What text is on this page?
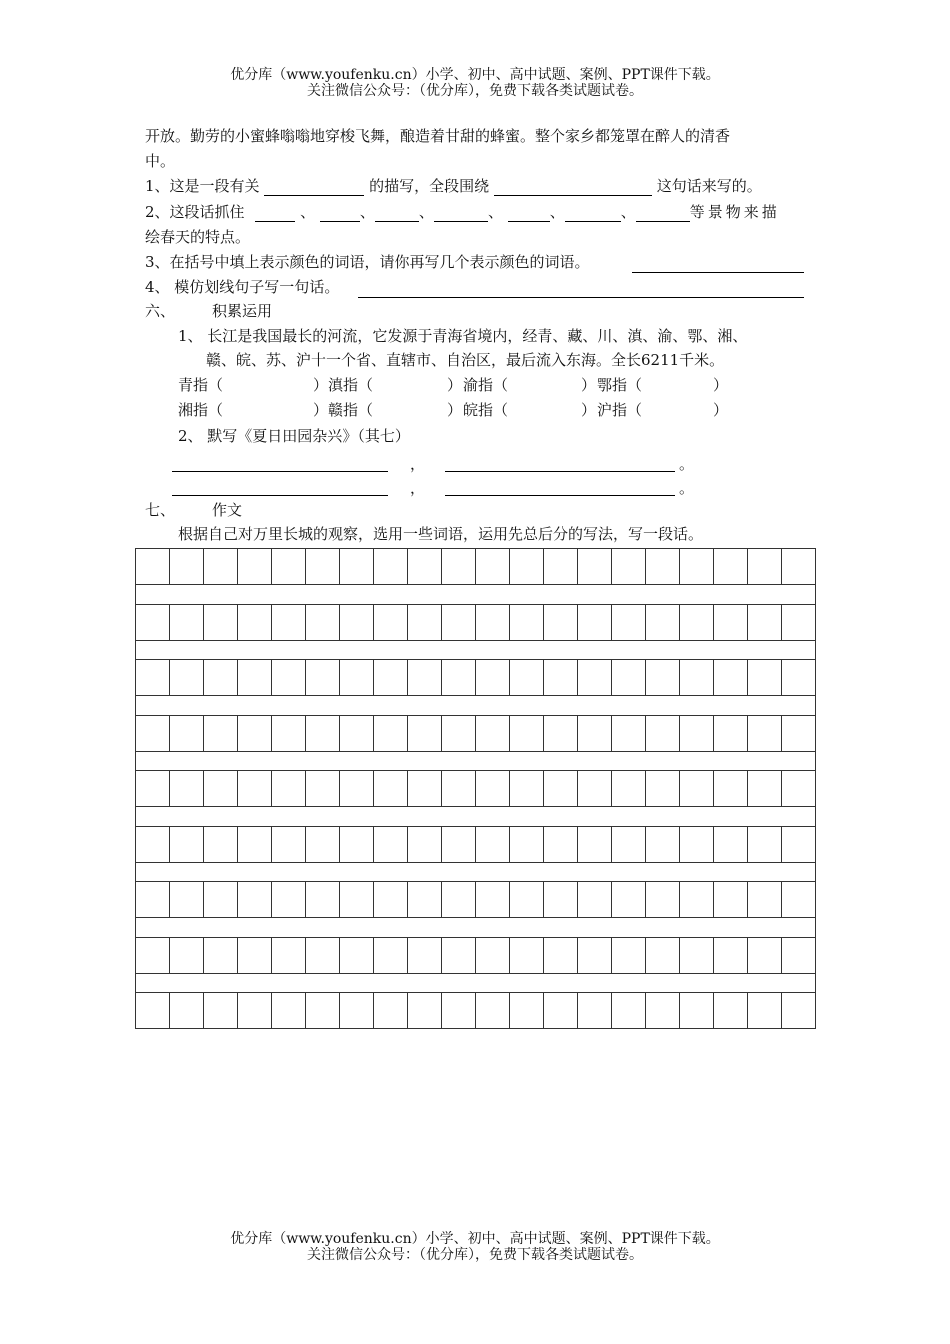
优分库（www.youfenku.cn）小学、初中、高中试题、案例、PPT课件下载。
关注微信公众号：（优分库），免费下载各类试题试卷。
开放。勤劳的小蜜蜂嗡嗡地穿梭飞舞，酿造着甘甜的蜂蜜。整个家乡都笼罩在醉人的清香
中。
1、这是一段有关	的描写，全段围绕	这句话来写的。
2、这段话抓住	、	、	、	、	、	、	等景物来描
绘春天的特点。
3、在括号中填上表示颜色的词语，请你再写几个表示颜色的词语。
4、 模仿划线句子写一句话。
六、 积累运用
1、 长江是我国最长的河流，它发源于青海省境内，经青、藏、川、滇、渝、鄂、湘、
赣、皖、苏、沪十一个省、直辖市、自治区，最后流入东海。全长6211千米。
青指（	） 滇指（	） 渝指（	） 鄂指（	）
湘指（	） 赣指（	） 皖指（	） 沪指（	）
2、 默写《夏日田园杂兴》（其七）
，	。
，	。
七、 作文
根据自己对万里长城的观察，选用一些词语，运用先总后分的写法，写一段话。
优分库（www.youfenku.cn）小学、初中、高中试题、案例、PPT课件下载。
关注微信公众号：（优分库），免费下载各类试题试卷。
